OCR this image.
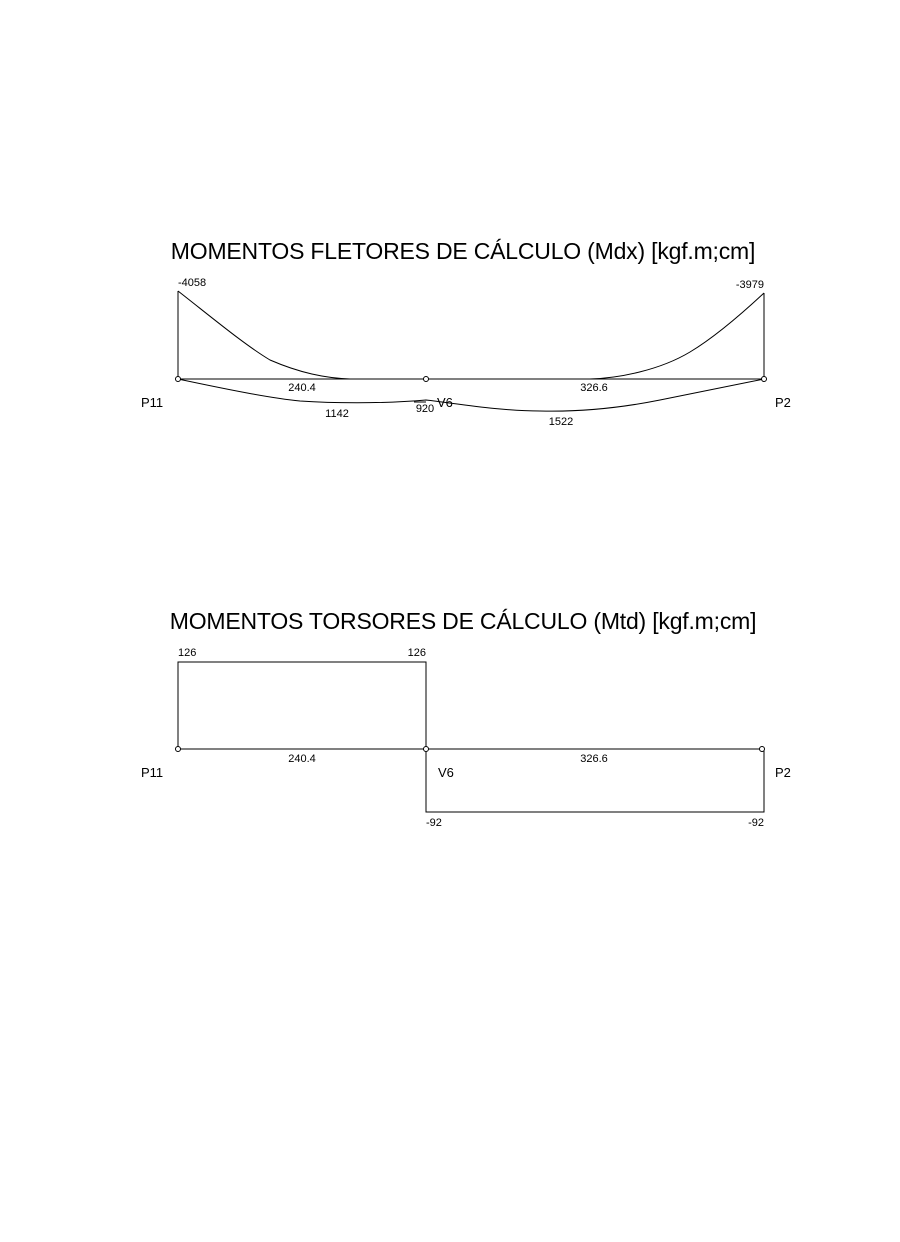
MOMENTOS FLETORES DE CÁLCULO (Mdx) [kgf.m;cm]
-4058	-3979
240.4	326.6
1142	920
1522
P11	V6	P2
MOMENTOS TORSORES DE CÁLCULO (Mtd) [kgf.m;cm]
126	126
240.4	326.6
-92	-92
P11	V6	P2
